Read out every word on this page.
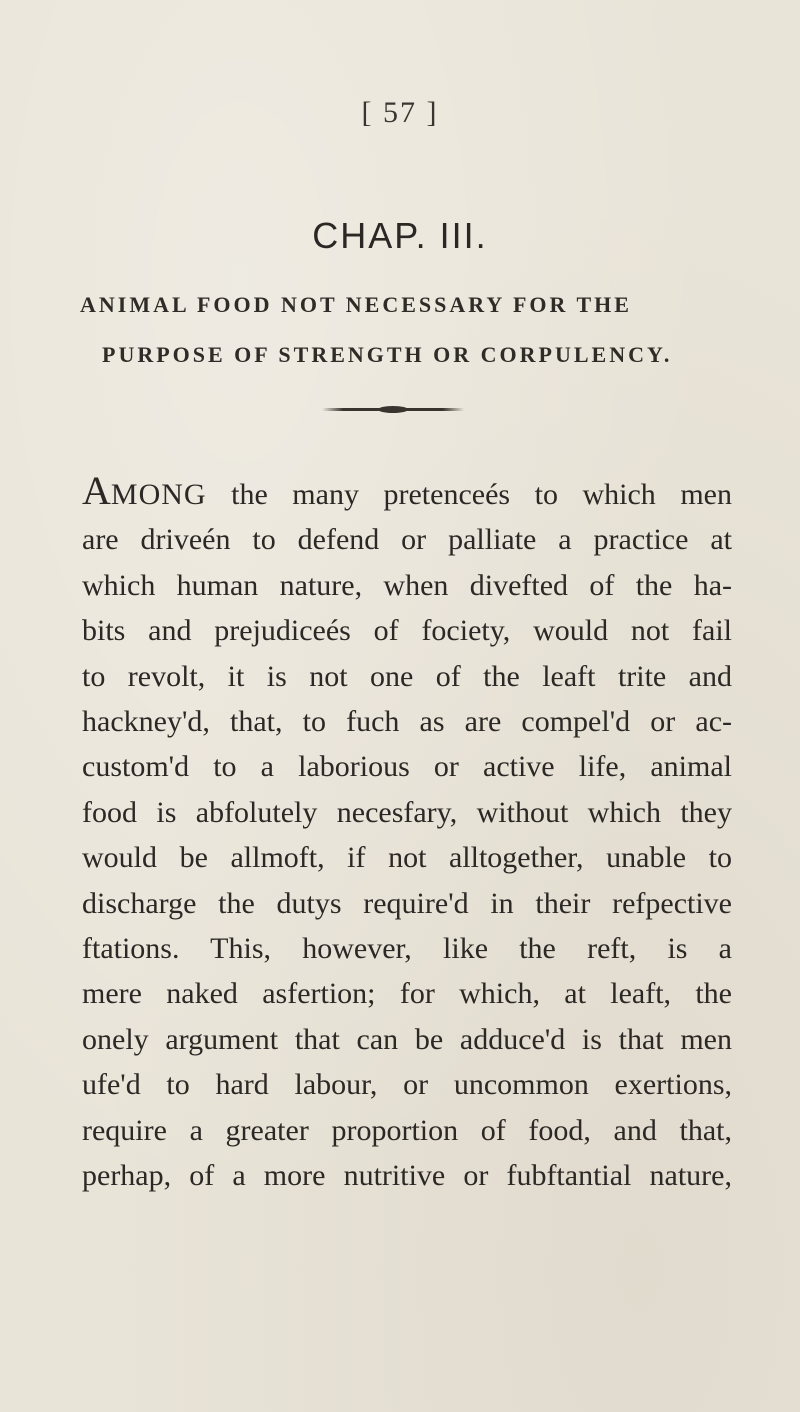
[ 57 ]
CHAP. III.
ANIMAL FOOD NOT NECESSARY FOR THE
PURPOSE OF STRENGTH OR CORPULENCY.
AMONG the many pretenceés to which men
are driveén to defend or palliate a practice at
which human nature, when divefted of the ha-
bits and prejudiceés of fociety, would not fail
to revolt, it is not one of the leaft trite and
hackney'd, that, to fuch as are compel'd or ac-
custom'd to a laborious or active life, animal
food is abfolutely necesfary, without which they
would be allmoft, if not alltogether, unable to
discharge the dutys require'd in their refpective
ftations. This, however, like the reft, is a
mere naked asfertion; for which, at leaft, the
onely argument that can be adduce'd is that men
ufe'd to hard labour, or uncommon exertions,
require a greater proportion of food, and that,
perhap, of a more nutritive or fubftantial nature,
